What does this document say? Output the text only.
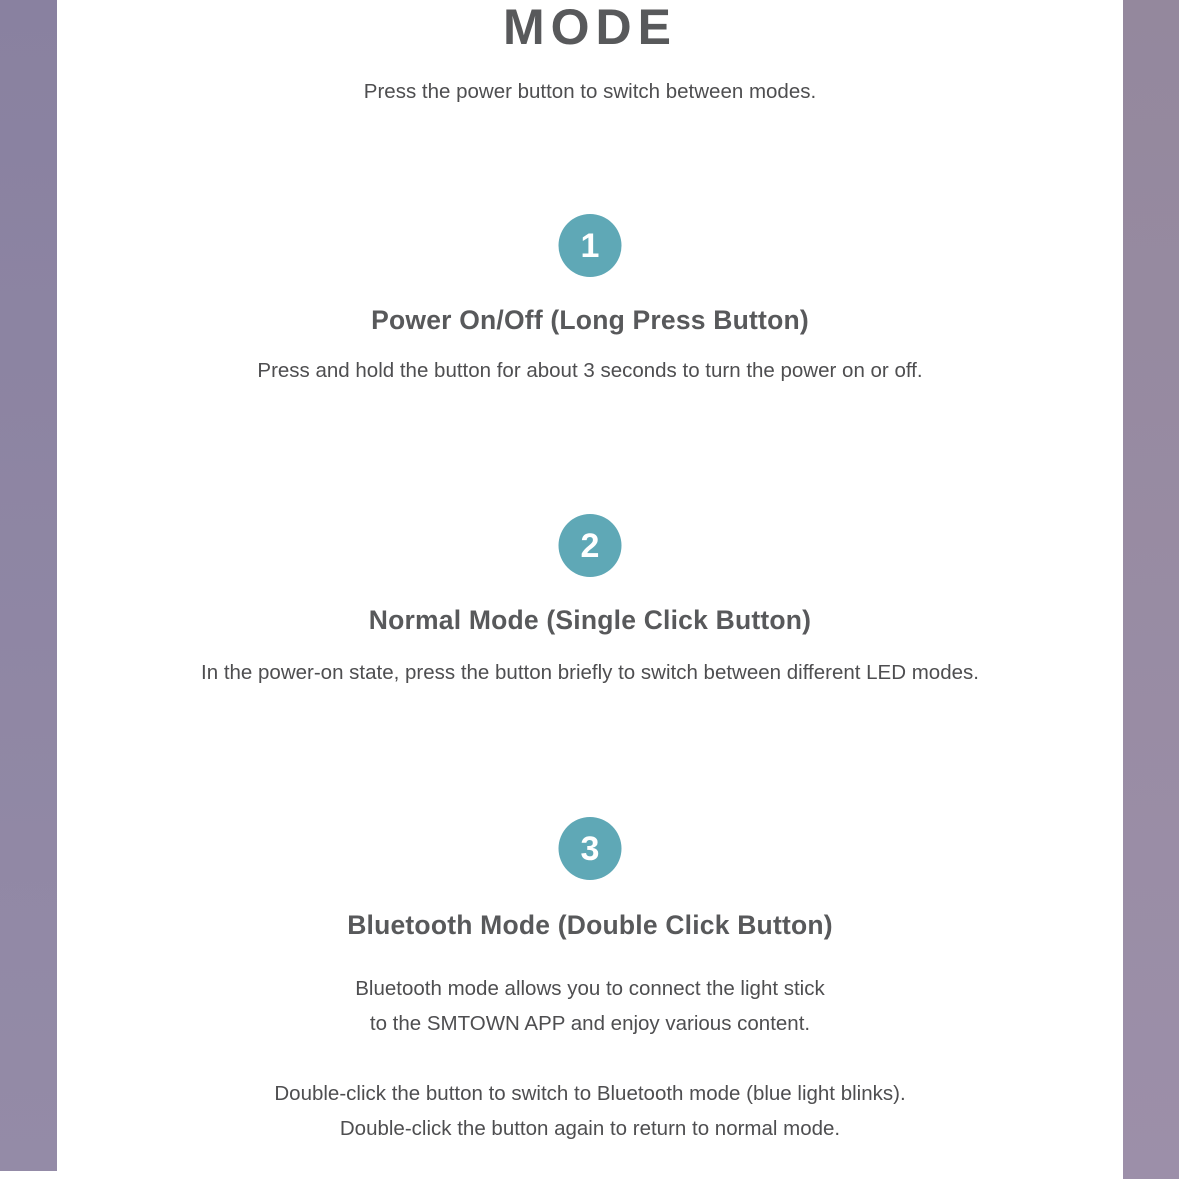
MODE

Press the power button to switch between modes.

1
Power On/Off (Long Press Button)

Press and hold the button for about 3 seconds to turn the power on or off.

2
Normal Mode (Single Click Button)

In the power-on state, press the button briefly to switch between different LED modes.

3
Bluetooth Mode (Double Click Button)

Bluetooth mode allows you to connect the light stick
to the SMTOWN APP and enjoy various content.

Double-click the button to switch to Bluetooth mode (blue light blinks).
Double-click the button again to return to normal mode.
